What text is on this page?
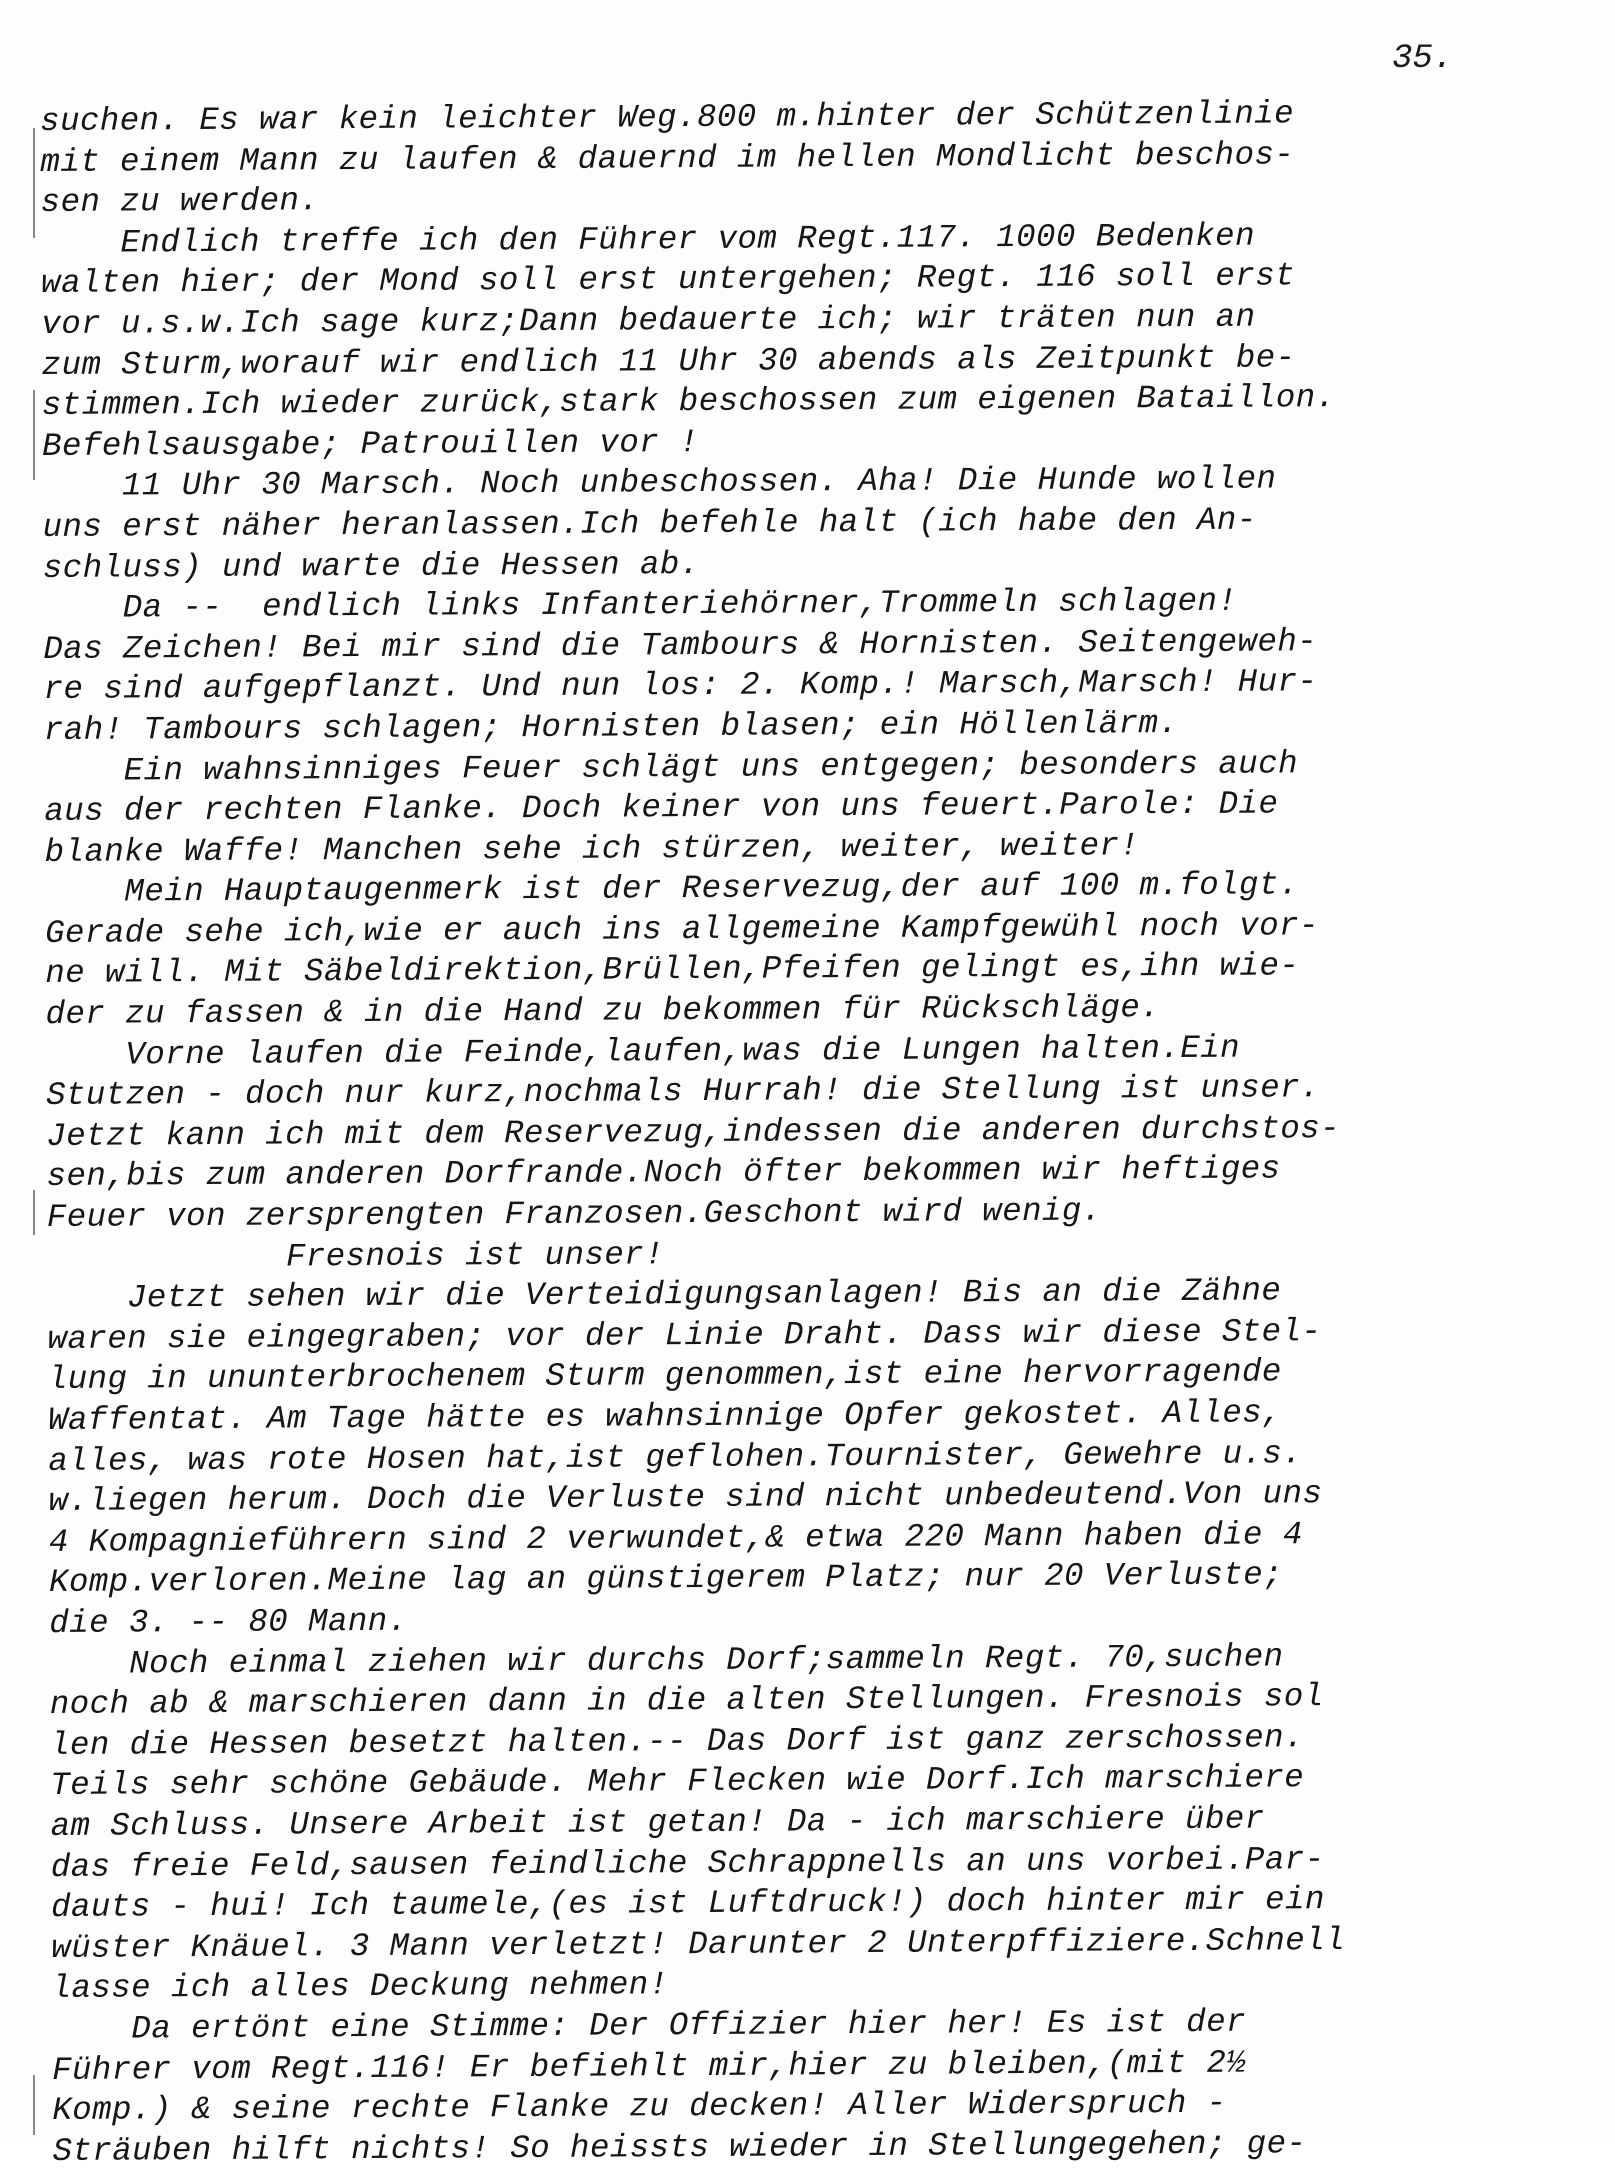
35.
suchen. Es war kein leichter Weg.800 m.hinter der Schützenlinie
mit einem Mann zu laufen & dauernd im hellen Mondlicht beschos-
sen zu werden.
Endlich treffe ich den Führer vom Regt.117. 1000 Bedenken
walten hier; der Mond soll erst untergehen; Regt. 116 soll erst
vor u.s.w.Ich sage kurz;Dann bedauerte ich; wir träten nun an
zum Sturm,worauf wir endlich 11 Uhr 30 abends als Zeitpunkt be-
stimmen.Ich wieder zurück,stark beschossen zum eigenen Bataillon.
Befehlsausgabe; Patrouillen vor !
11 Uhr 30 Marsch. Noch unbeschossen. Aha! Die Hunde wollen
uns erst näher heranlassen.Ich befehle halt (ich habe den An-
schluss) und warte die Hessen ab.
Da --  endlich links Infanteriehörner,Trommeln schlagen!
Das Zeichen! Bei mir sind die Tambours & Hornisten. Seitengeweh-
re sind aufgepflanzt. Und nun los: 2. Komp.! Marsch,Marsch! Hur-
rah! Tambours schlagen; Hornisten blasen; ein Höllenlärm.
Ein wahnsinniges Feuer schlägt uns entgegen; besonders auch
aus der rechten Flanke. Doch keiner von uns feuert.Parole: Die
blanke Waffe! Manchen sehe ich stürzen, weiter, weiter!
Mein Hauptaugenmerk ist der Reservezug,der auf 100 m.folgt.
Gerade sehe ich,wie er auch ins allgemeine Kampfgewühl noch vor-
ne will. Mit Säbeldirektion,Brüllen,Pfeifen gelingt es,ihn wie-
der zu fassen & in die Hand zu bekommen für Rückschläge.
Vorne laufen die Feinde,laufen,was die Lungen halten.Ein
Stutzen - doch nur kurz,nochmals Hurrah! die Stellung ist unser.
Jetzt kann ich mit dem Reservezug,indessen die anderen durchstos-
sen,bis zum anderen Dorfrande.Noch öfter bekommen wir heftiges
Feuer von zersprengten Franzosen.Geschont wird wenig.
Fresnois ist unser!
Jetzt sehen wir die Verteidigungsanlagen! Bis an die Zähne
waren sie eingegraben; vor der Linie Draht. Dass wir diese Stel-
lung in ununterbrochenem Sturm genommen,ist eine hervorragende
Waffentat. Am Tage hätte es wahnsinnige Opfer gekostet. Alles,
alles, was rote Hosen hat,ist geflohen.Tournister, Gewehre u.s.
w.liegen herum. Doch die Verluste sind nicht unbedeutend.Von uns
4 Kompagnieführern sind 2 verwundet,& etwa 220 Mann haben die 4
Komp.verloren.Meine lag an günstigerem Platz; nur 20 Verluste;
die 3. -- 80 Mann.
Noch einmal ziehen wir durchs Dorf;sammeln Regt. 70,suchen
noch ab & marschieren dann in die alten Stellungen. Fresnois sol
len die Hessen besetzt halten.-- Das Dorf ist ganz zerschossen.
Teils sehr schöne Gebäude. Mehr Flecken wie Dorf.Ich marschiere
am Schluss. Unsere Arbeit ist getan! Da - ich marschiere über
das freie Feld,sausen feindliche Schrappnells an uns vorbei.Par-
dauts - hui! Ich taumele,(es ist Luftdruck!) doch hinter mir ein
wüster Knäuel. 3 Mann verletzt! Darunter 2 Unterpffiziere.Schnell
lasse ich alles Deckung nehmen!
Da ertönt eine Stimme: Der Offizier hier her! Es ist der
Führer vom Regt.116! Er befiehlt mir,hier zu bleiben,(mit 2½
Komp.) & seine rechte Flanke zu decken! Aller Widerspruch -
Sträuben hilft nichts! So heissts wieder in Stellungegehen; ge-
